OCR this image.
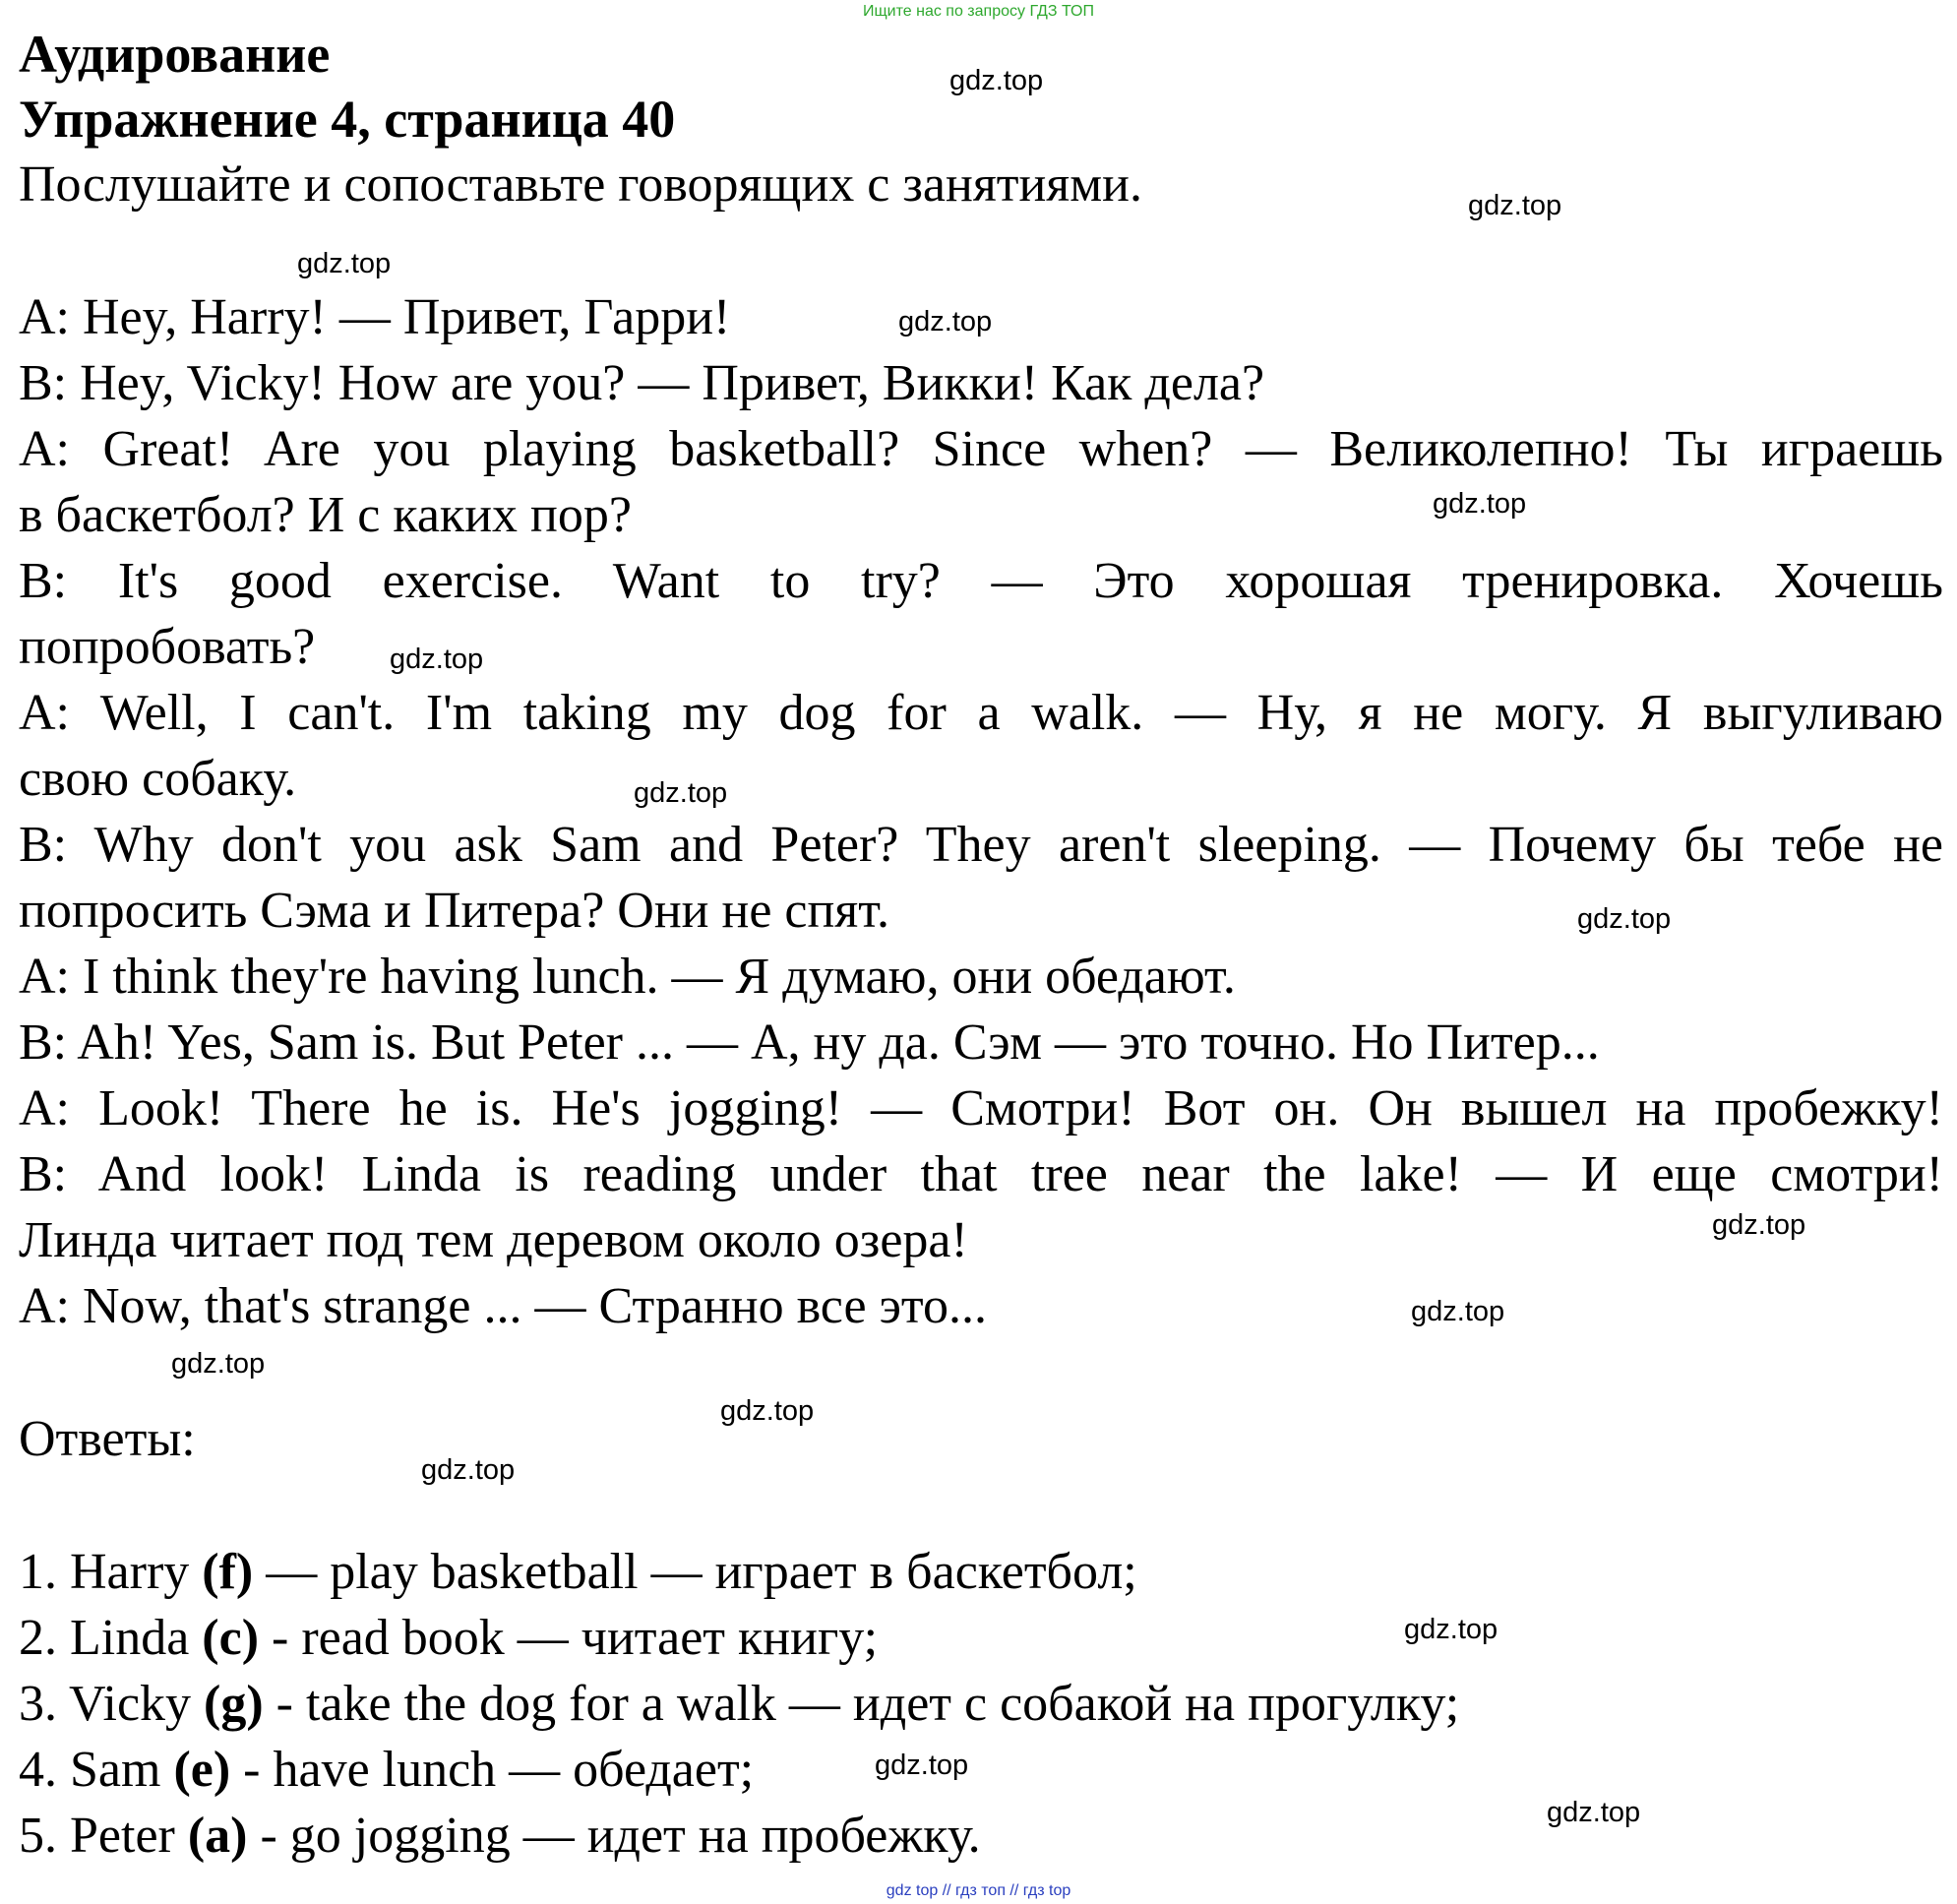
Ищите нас по запросу ГДЗ ТОП
Аудирование
Упражнение 4, страница 40
Послушайте и сопоставьте говорящих с занятиями.
A: Hey, Harry! — Привет, Гарри!
B: Hey, Vicky! How are you? — Привет, Викки! Как дела?
A: Great! Are you playing basketball? Since when? — Великолепно! Ты играешь
в баскетбол? И с каких пор?
B: It's good exercise. Want to try? — Это хорошая тренировка. Хочешь
попробовать?
A: Well, I can't. I'm taking my dog for a walk. — Ну, я не могу. Я выгуливаю
свою собаку.
B: Why don't you ask Sam and Peter? They aren't sleeping. — Почему бы тебе не
попросить Сэма и Питера? Они не спят.
A: I think they're having lunch. — Я думаю, они обедают.
B: Ah! Yes, Sam is. But Peter ... — А, ну да. Сэм — это точно. Но Питер...
A: Look! There he is. He's jogging! — Смотри! Вот он. Он вышел на пробежку!
B: And look! Linda is reading under that tree near the lake! — И еще смотри!
Линда читает под тем деревом около озера!
A: Now, that's strange ... — Странно все это...
Ответы:
1. Harry (f) — play basketball — играет в баскетбол;
2. Linda (c) - read book — читает книгу;
3. Vicky (g) - take the dog for a walk — идет с собакой на прогулку;
4. Sam (e) - have lunch — обедает;
5. Peter (a) - go jogging — идет на пробежку.
gdz.top
gdz.top
gdz.top
gdz.top
gdz.top
gdz.top
gdz.top
gdz.top
gdz.top
gdz.top
gdz.top
gdz.top
gdz.top
gdz.top
gdz.top
gdz.top
gdz top // гдз топ // гдз top
